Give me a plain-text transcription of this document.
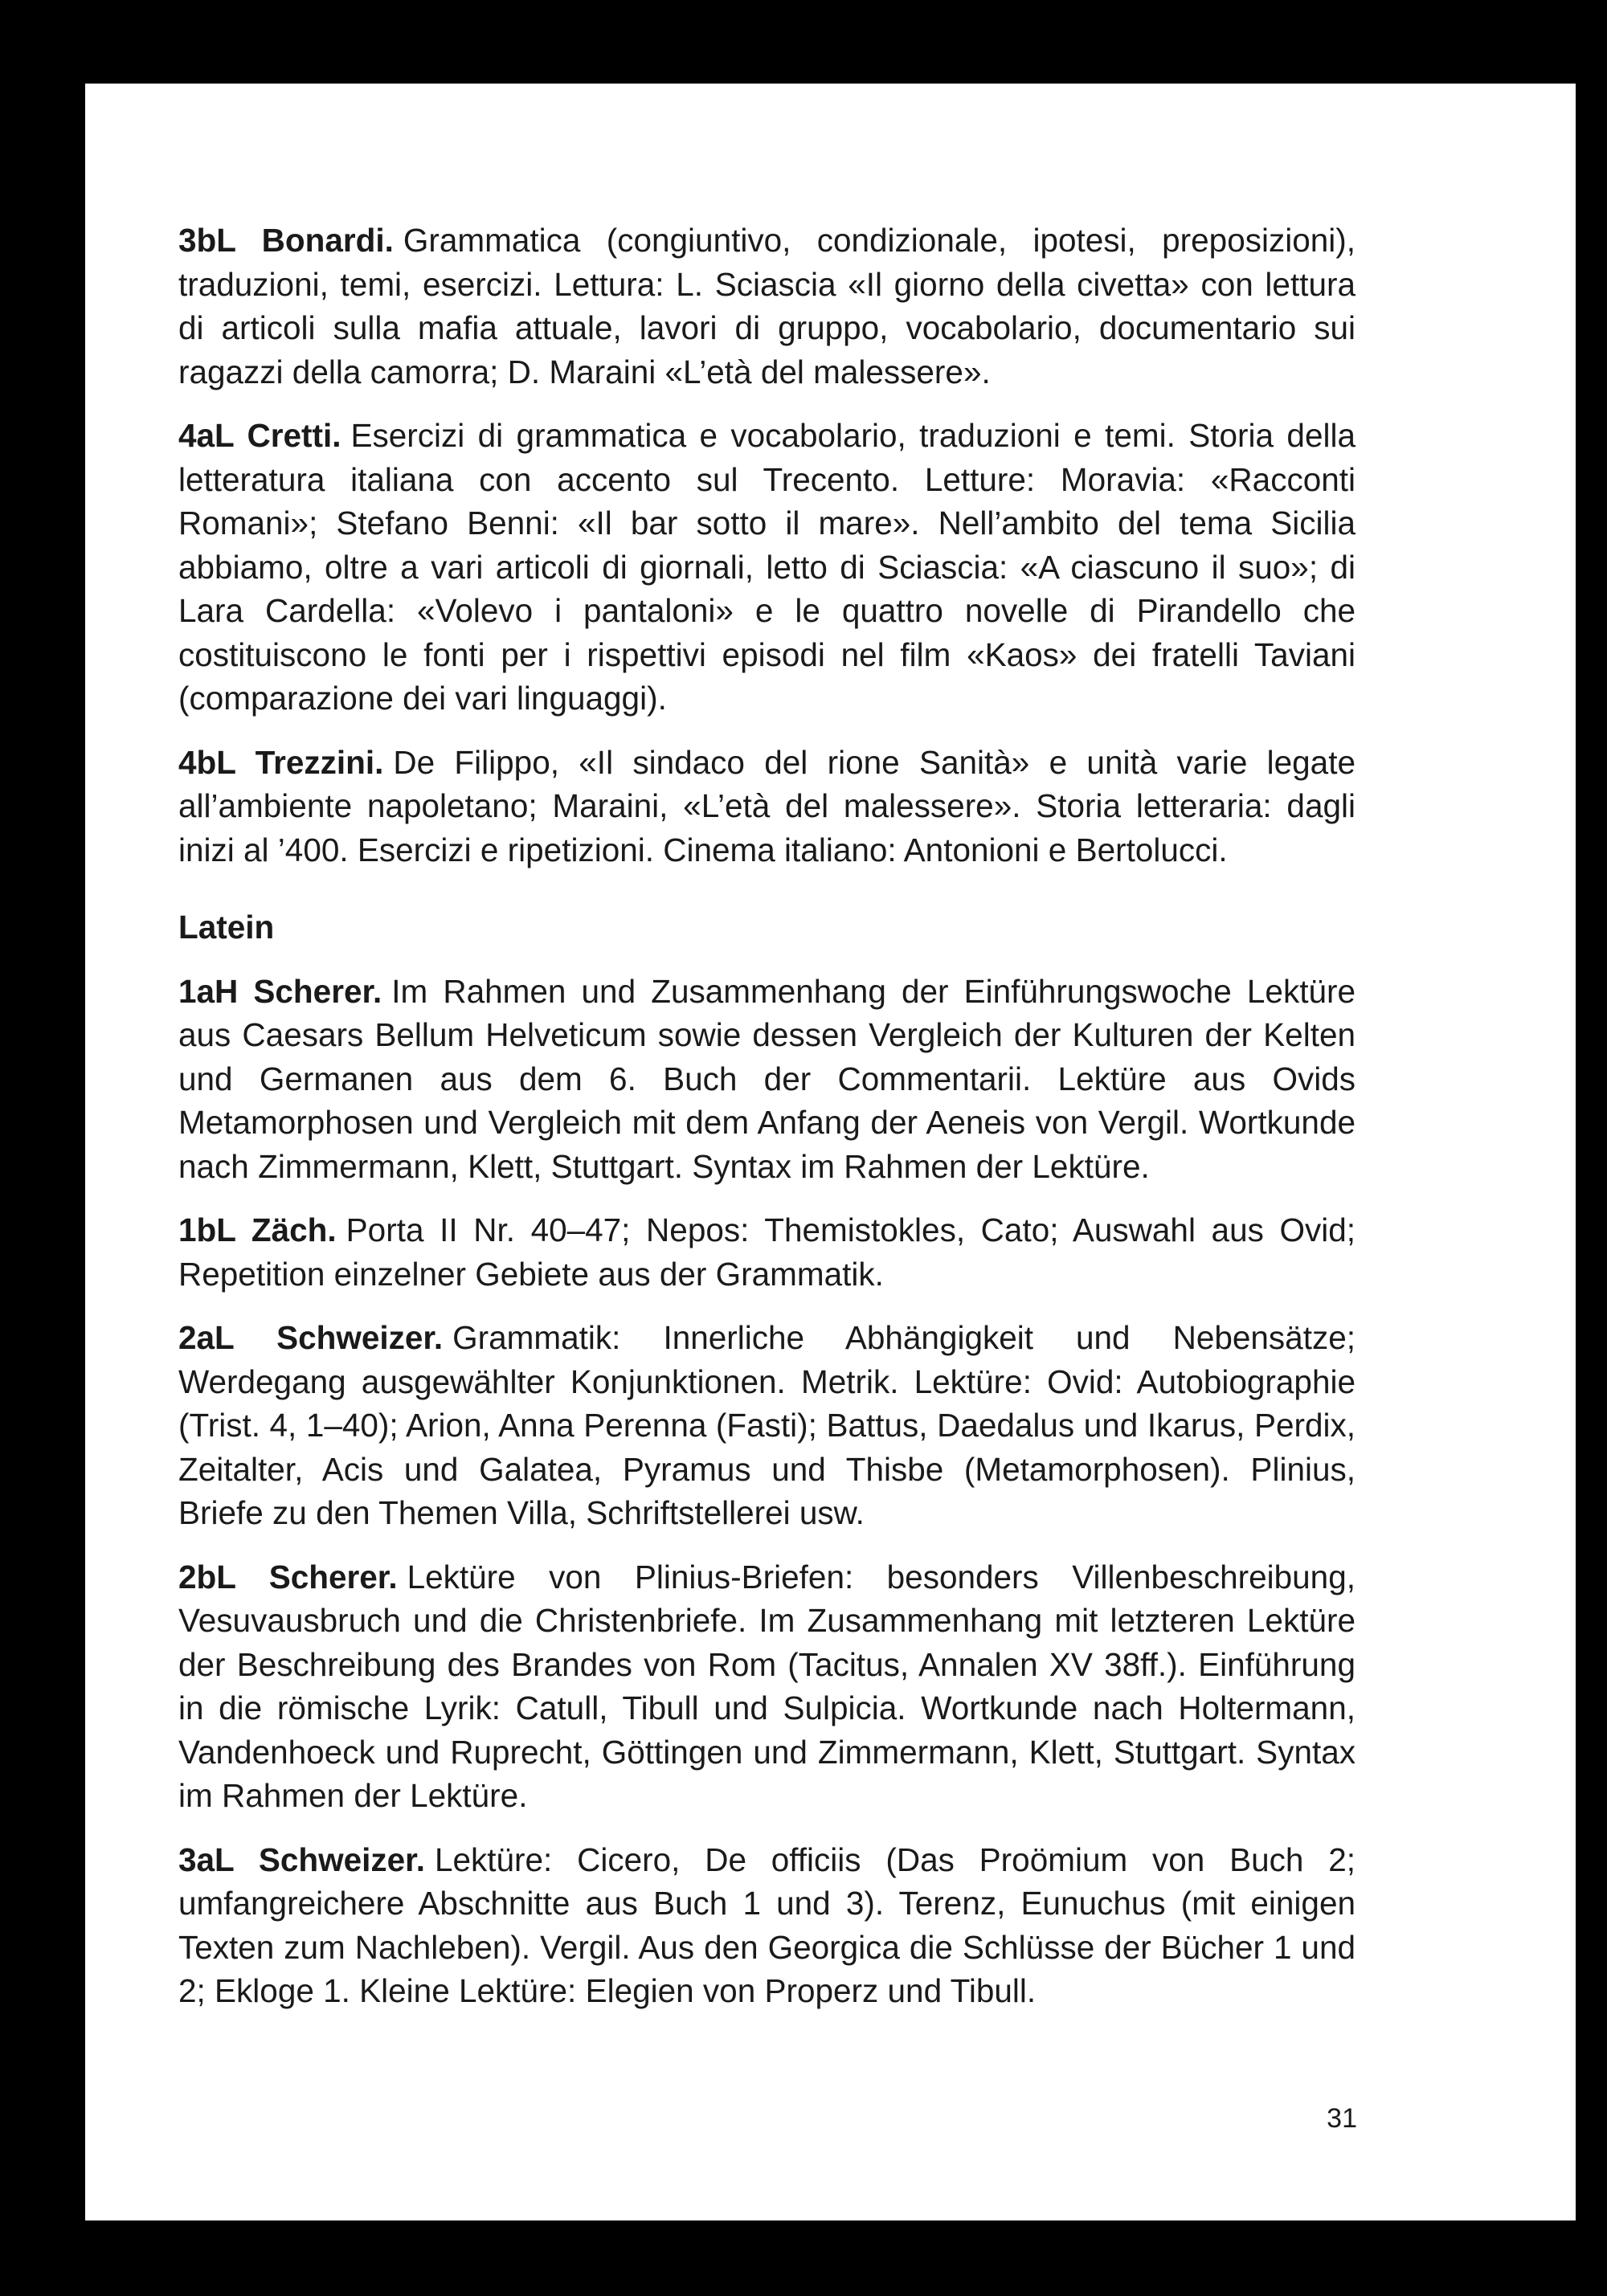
3bL Bonardi. Grammatica (congiuntivo, condizionale, ipotesi, preposizioni), traduzioni, temi, esercizi. Lettura: L. Sciascia «Il giorno della civetta» con lettura di articoli sulla mafia attuale, lavori di gruppo, vocabolario, documentario sui ragazzi della camorra; D. Maraini «L’età del malessere».

4aL Cretti. Esercizi di grammatica e vocabolario, traduzioni e temi. Storia della letteratura italiana con accento sul Trecento. Letture: Moravia: «Racconti Romani»; Stefano Benni: «Il bar sotto il mare». Nell’ambito del tema Sicilia abbiamo, oltre a vari articoli di giornali, letto di Sciascia: «A ciascuno il suo»; di Lara Cardella: «Volevo i pantaloni» e le quattro novelle di Pirandello che costituiscono le fonti per i rispettivi episodi nel film «Kaos» dei fratelli Taviani (comparazione dei vari linguaggi).

4bL Trezzini. De Filippo, «Il sindaco del rione Sanità» e unità varie legate all’ambiente napoletano; Maraini, «L’età del malessere». Storia letteraria: dagli inizi al ’400. Esercizi e ripetizioni. Cinema italiano: Antonioni e Bertolucci.

Latein

1aH Scherer. Im Rahmen und Zusammenhang der Einführungswoche Lektüre aus Caesars Bellum Helveticum sowie dessen Vergleich der Kulturen der Kelten und Germanen aus dem 6. Buch der Commentarii. Lektüre aus Ovids Metamorphosen und Vergleich mit dem Anfang der Aeneis von Vergil. Wortkunde nach Zimmermann, Klett, Stuttgart. Syntax im Rahmen der Lektüre.

1bL Zäch. Porta II Nr. 40–47; Nepos: Themistokles, Cato; Auswahl aus Ovid; Repetition einzelner Gebiete aus der Grammatik.

2aL Schweizer. Grammatik: Innerliche Abhängigkeit und Nebensätze; Werdegang ausgewählter Konjunktionen. Metrik. Lektüre: Ovid: Autobiographie (Trist. 4, 1–40); Arion, Anna Perenna (Fasti); Battus, Daedalus und Ikarus, Perdix, Zeitalter, Acis und Galatea, Pyramus und Thisbe (Metamorphosen). Plinius, Briefe zu den Themen Villa, Schriftstellerei usw.

2bL Scherer. Lektüre von Plinius-Briefen: besonders Villenbeschreibung, Vesuvausbruch und die Christenbriefe. Im Zusammenhang mit letzteren Lektüre der Beschreibung des Brandes von Rom (Tacitus, Annalen XV 38ff.). Einführung in die römische Lyrik: Catull, Tibull und Sulpicia. Wortkunde nach Holtermann, Vandenhoeck und Ruprecht, Göttingen und Zimmermann, Klett, Stuttgart. Syntax im Rahmen der Lektüre.

3aL Schweizer. Lektüre: Cicero, De officiis (Das Proömium von Buch 2; umfangreichere Abschnitte aus Buch 1 und 3). Terenz, Eunuchus (mit einigen Texten zum Nachleben). Vergil. Aus den Georgica die Schlüsse der Bücher 1 und 2; Ekloge 1. Kleine Lektüre: Elegien von Properz und Tibull.

31
